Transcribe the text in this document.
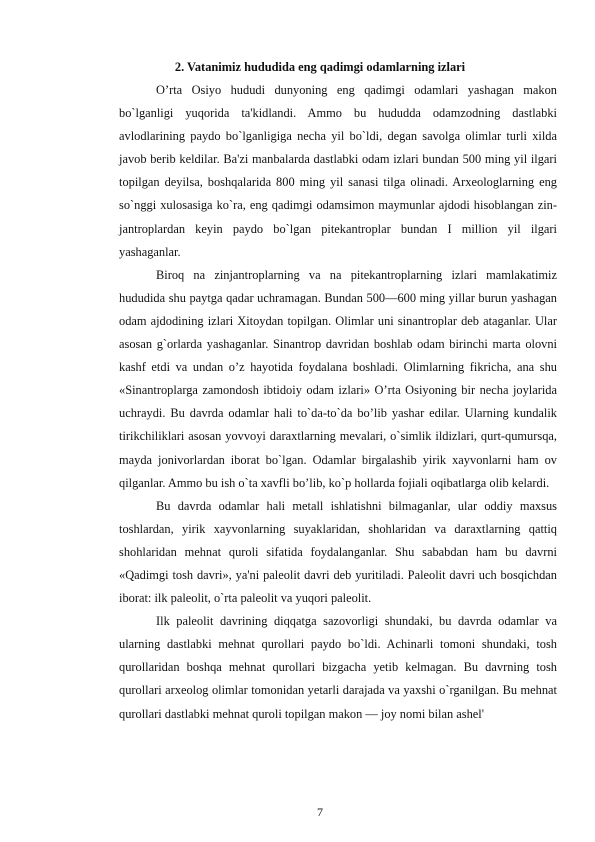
2. Vatanimiz hududida eng qadimgi odamlarning izlari

O’rta Osiyo hududi dunyoning eng qadimgi odamlari yashagan makon bo`lganligi yuqorida ta'kidlandi. Ammo bu hududda odamzodning dastlabki avlodlarining paydo bo`lganligiga necha yil bo`ldi, degan savolga olimlar turli xilda javob berib keldilar. Ba'zi manbalarda dastlabki odam izlari bundan 500 ming yil ilgari topilgan deyilsa, boshqalarida 800 ming yil sanasi tilga olinadi. Arxeologlarning eng so`nggi xulosasiga ko`ra, eng qadimgi odamsimon maymunlar ajdodi hisoblangan zin-jantroplardan keyin paydo bo`lgan pitekantroplar bundan I million yil ilgari yashaganlar.

Biroq na zinjantroplarning va na pitekantroplarning izlari mamlakatimiz hududida shu paytga qadar uchramagan. Bundan 500—600 ming yillar burun yashagan odam ajdodining izlari Xitoydan topilgan. Olimlar uni sinantroplar deb ataganlar. Ular asosan g`orlarda yashaganlar. Sinantrop davridan boshlab odam birinchi marta olovni kashf etdi va undan o’z hayotida foydalana boshladi. Olimlarning fikricha, ana shu «Sinantroplarga zamondosh ibtidoiy odam izlari» O’rta Osiyoning bir necha joylarida uchraydi. Bu davrda odamlar hali to`da-to`da bo’lib yashar edilar. Ularning kundalik tirikchiliklari asosan yovvoyi daraxtlarning mevalari, o`simlik ildizlari, qurt-qumursqa, mayda jonivorlardan iborat bo`lgan. Odamlar birgalashib yirik xayvonlarni ham ov qilganlar. Ammo bu ish o`ta xavfli bo’lib, ko`p hollarda fojiali oqibatlarga olib kelardi.

Bu davrda odamlar hali metall ishlatishni bilmaganlar, ular oddiy maxsus toshlardan, yirik xayvonlarning suyaklaridan, shohlaridan va daraxtlarning qattiq shohlaridan mehnat quroli sifatida foydalanganlar. Shu sababdan ham bu davrni «Qadimgi tosh davri», ya'ni paleolit davri deb yuritiladi. Paleolit davri uch bosqichdan iborat: ilk paleolit, o`rta paleolit va yuqori paleolit.

Ilk paleolit davrining diqqatga sazovorligi shundaki, bu davrda odamlar va ularning dastlabki mehnat qurollari paydo bo`ldi. Achinarli tomoni shundaki, tosh qurollaridan boshqa mehnat qurollari bizgacha yetib kelmagan. Bu davrning tosh qurollari arxeolog olimlar tomonidan yetarli darajada va yaxshi o`rganilgan. Bu mehnat qurollari dastlabki mehnat quroli topilgan makon — joy nomi bilan ashel'

7
